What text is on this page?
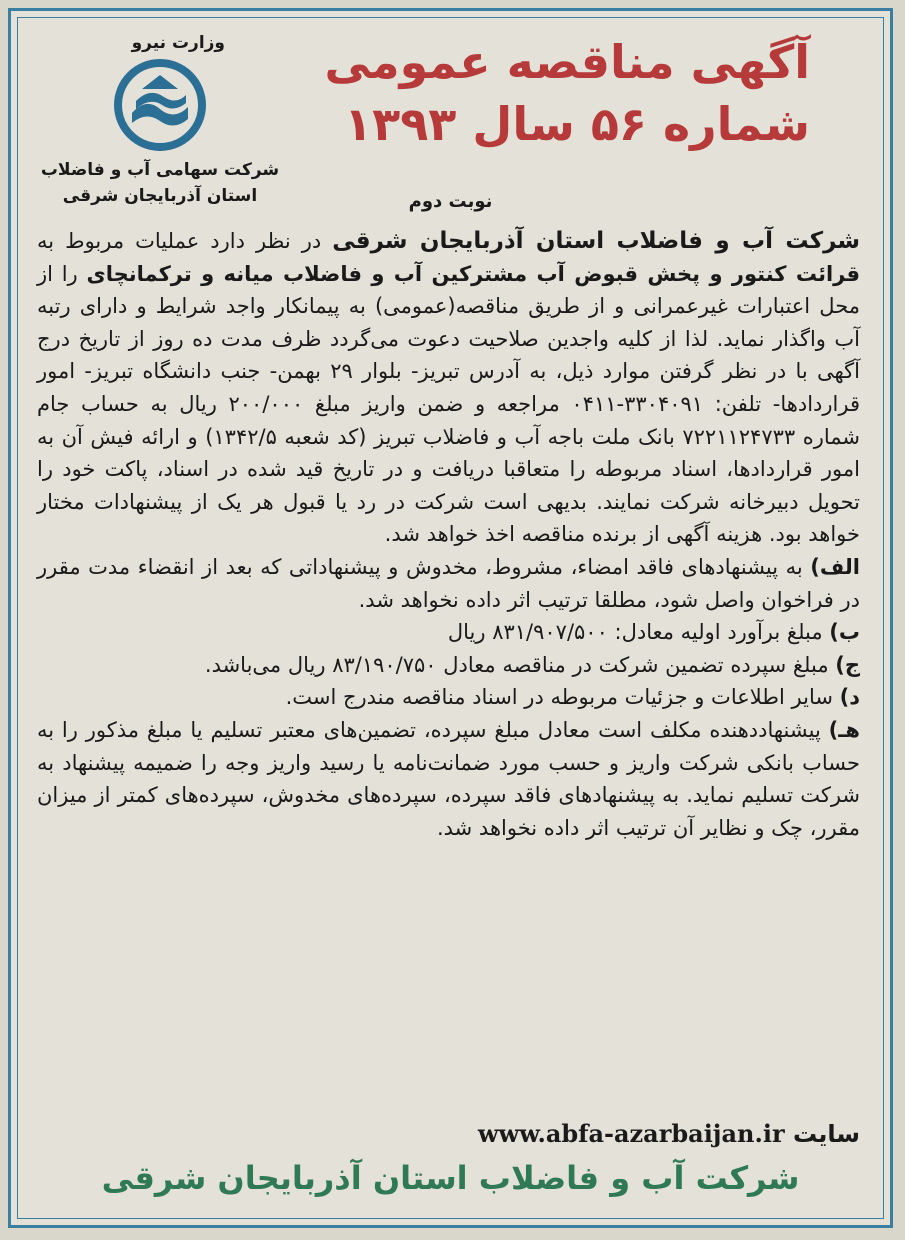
وزارت نیرو
شرکت سهامی آب و فاضلاب
استان آذربایجان شرقی
آگهی مناقصه عمومی
شماره ۵۶ سال ۱۳۹۳
نوبت دوم

شرکت آب و فاضلاب استان آذربایجان شرقی در نظر دارد عملیات مربوط به قرائت کنتور و پخش قبوض آب مشترکین آب و فاضلاب میانه و ترکمانچای را از محل اعتبارات غیرعمرانی و از طریق مناقصه(عمومی) به پیمانکار واجد شرایط و دارای رتبه آب واگذار نماید. لذا از کلیه واجدین صلاحیت دعوت می‌گردد ظرف مدت ده روز از تاریخ درج آگهی با در نظر گرفتن موارد ذیل، به آدرس تبریز- بلوار ۲۹ بهمن- جنب دانشگاه تبریز- امور قراردادها- تلفن: ۳۳۰۴۰۹۱-۰۴۱۱ مراجعه و ضمن واریز مبلغ ۲۰۰/۰۰۰ ریال به حساب جام شماره ۷۲۲۱۱۲۴۷۳۳ بانک ملت باجه آب و فاضلاب تبریز (کد شعبه ۱۳۴۲/۵) و ارائه فیش آن به امور قراردادها، اسناد مربوطه را متعاقبا دریافت و در تاریخ قید شده در اسناد، پاکت خود را تحویل دبیرخانه شرکت نمایند. بدیهی است شرکت در رد یا قبول هر یک از پیشنهادات مختار خواهد بود. هزینه آگهی از برنده مناقصه اخذ خواهد شد.

الف) به پیشنهادهای فاقد امضاء، مشروط، مخدوش و پیشنهاداتی که بعد از انقضاء مدت مقرر در فراخوان واصل شود، مطلقا ترتیب اثر داده نخواهد شد.

ب) مبلغ برآورد اولیه معادل: ۸۳۱/۹۰۷/۵۰۰ ریال

ج) مبلغ سپرده تضمین شرکت در مناقصه معادل ۸۳/۱۹۰/۷۵۰ ریال می‌باشد.

د) سایر اطلاعات و جزئیات مربوطه در اسناد مناقصه مندرج است.

هـ) پیشنهاددهنده مکلف است معادل مبلغ سپرده، تضمین‌های معتبر تسلیم یا مبلغ مذکور را به حساب بانکی شرکت واریز و حسب مورد ضمانت‌نامه یا رسید واریز وجه را ضمیمه پیشنهاد به شرکت تسلیم نماید. به پیشنهادهای فاقد سپرده، سپرده‌های مخدوش، سپرده‌های کمتر از میزان مقرر، چک و نظایر آن ترتیب اثر داده نخواهد شد.

سایت www.abfa-azarbaijan.ir
شرکت آب و فاضلاب استان آذربایجان شرقی
